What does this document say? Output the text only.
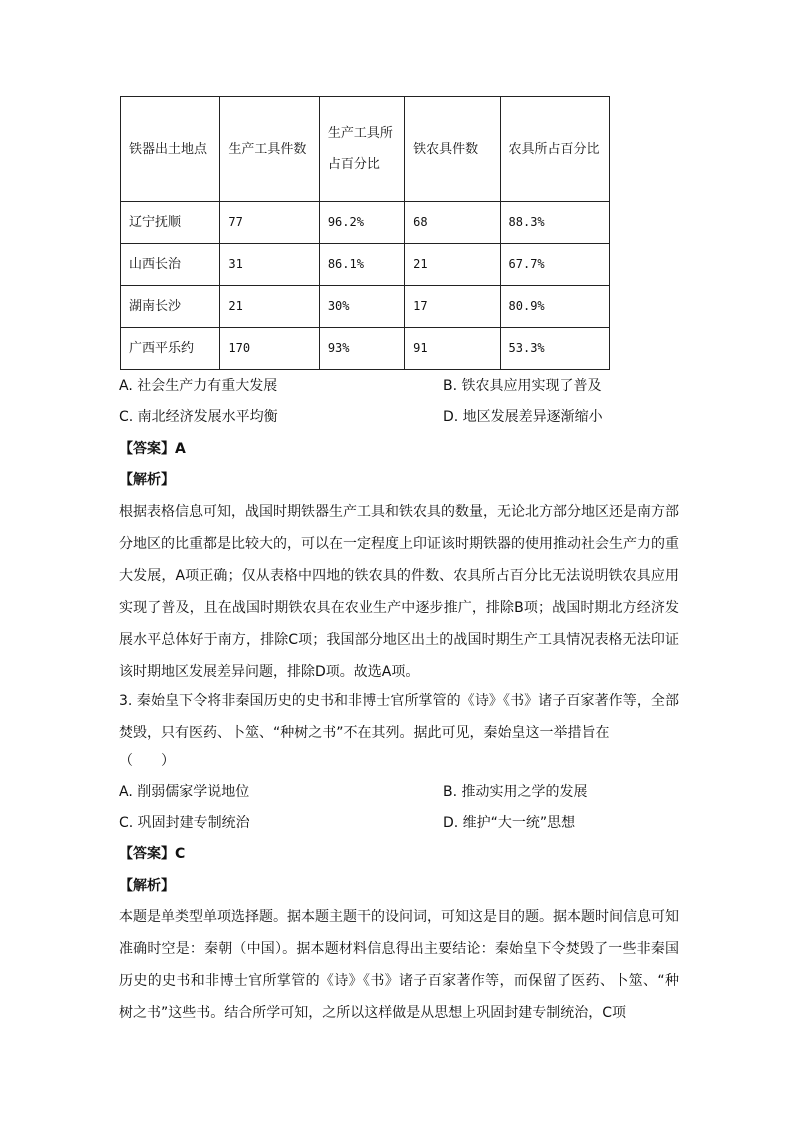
铁器出土地点	生产工具件数	生产工具所占百分比	铁农具件数	农具所占百分比
辽宁抚顺	77	96.2%	68	88.3%
山西长治	31	86.1%	21	67.7%
湖南长沙	21	30%	17	80.9%
广西平乐约	170	93%	91	53.3%
A. 社会生产力有重大发展	B. 铁农具应用实现了普及
C. 南北经济发展水平均衡	D. 地区发展差异逐渐缩小
【答案】A
【解析】
根据表格信息可知，战国时期铁器生产工具和铁农具的数量，无论北方部分地区还是南方部分地区的比重都是比较大的，可以在一定程度上印证该时期铁器的使用推动社会生产力的重大发展，A项正确；仅从表格中四地的铁农具的件数、农具所占百分比无法说明铁农具应用实现了普及，且在战国时期铁农具在农业生产中逐步推广，排除B项；战国时期北方经济发展水平总体好于南方，排除C项；我国部分地区出土的战国时期生产工具情况表格无法印证该时期地区发展差异问题，排除D项。故选A项。
3. 秦始皇下令将非秦国历史的史书和非博士官所掌管的《诗》《书》诸子百家著作等，全部焚毁，只有医药、卜筮、“种树之书”不在其列。据此可见，秦始皇这一举措旨在
（　　）
A. 削弱儒家学说地位	B. 推动实用之学的发展
C. 巩固封建专制统治	D. 维护“大一统”思想
【答案】C
【解析】
本题是单类型单项选择题。据本题主题干的设问词，可知这是目的题。据本题时间信息可知准确时空是：秦朝（中国）。据本题材料信息得出主要结论：秦始皇下令焚毁了一些非秦国历史的史书和非博士官所掌管的《诗》《书》诸子百家著作等，而保留了医药、卜筮、“种树之书”这些书。结合所学可知，之所以这样做是从思想上巩固封建专制统治，C项
